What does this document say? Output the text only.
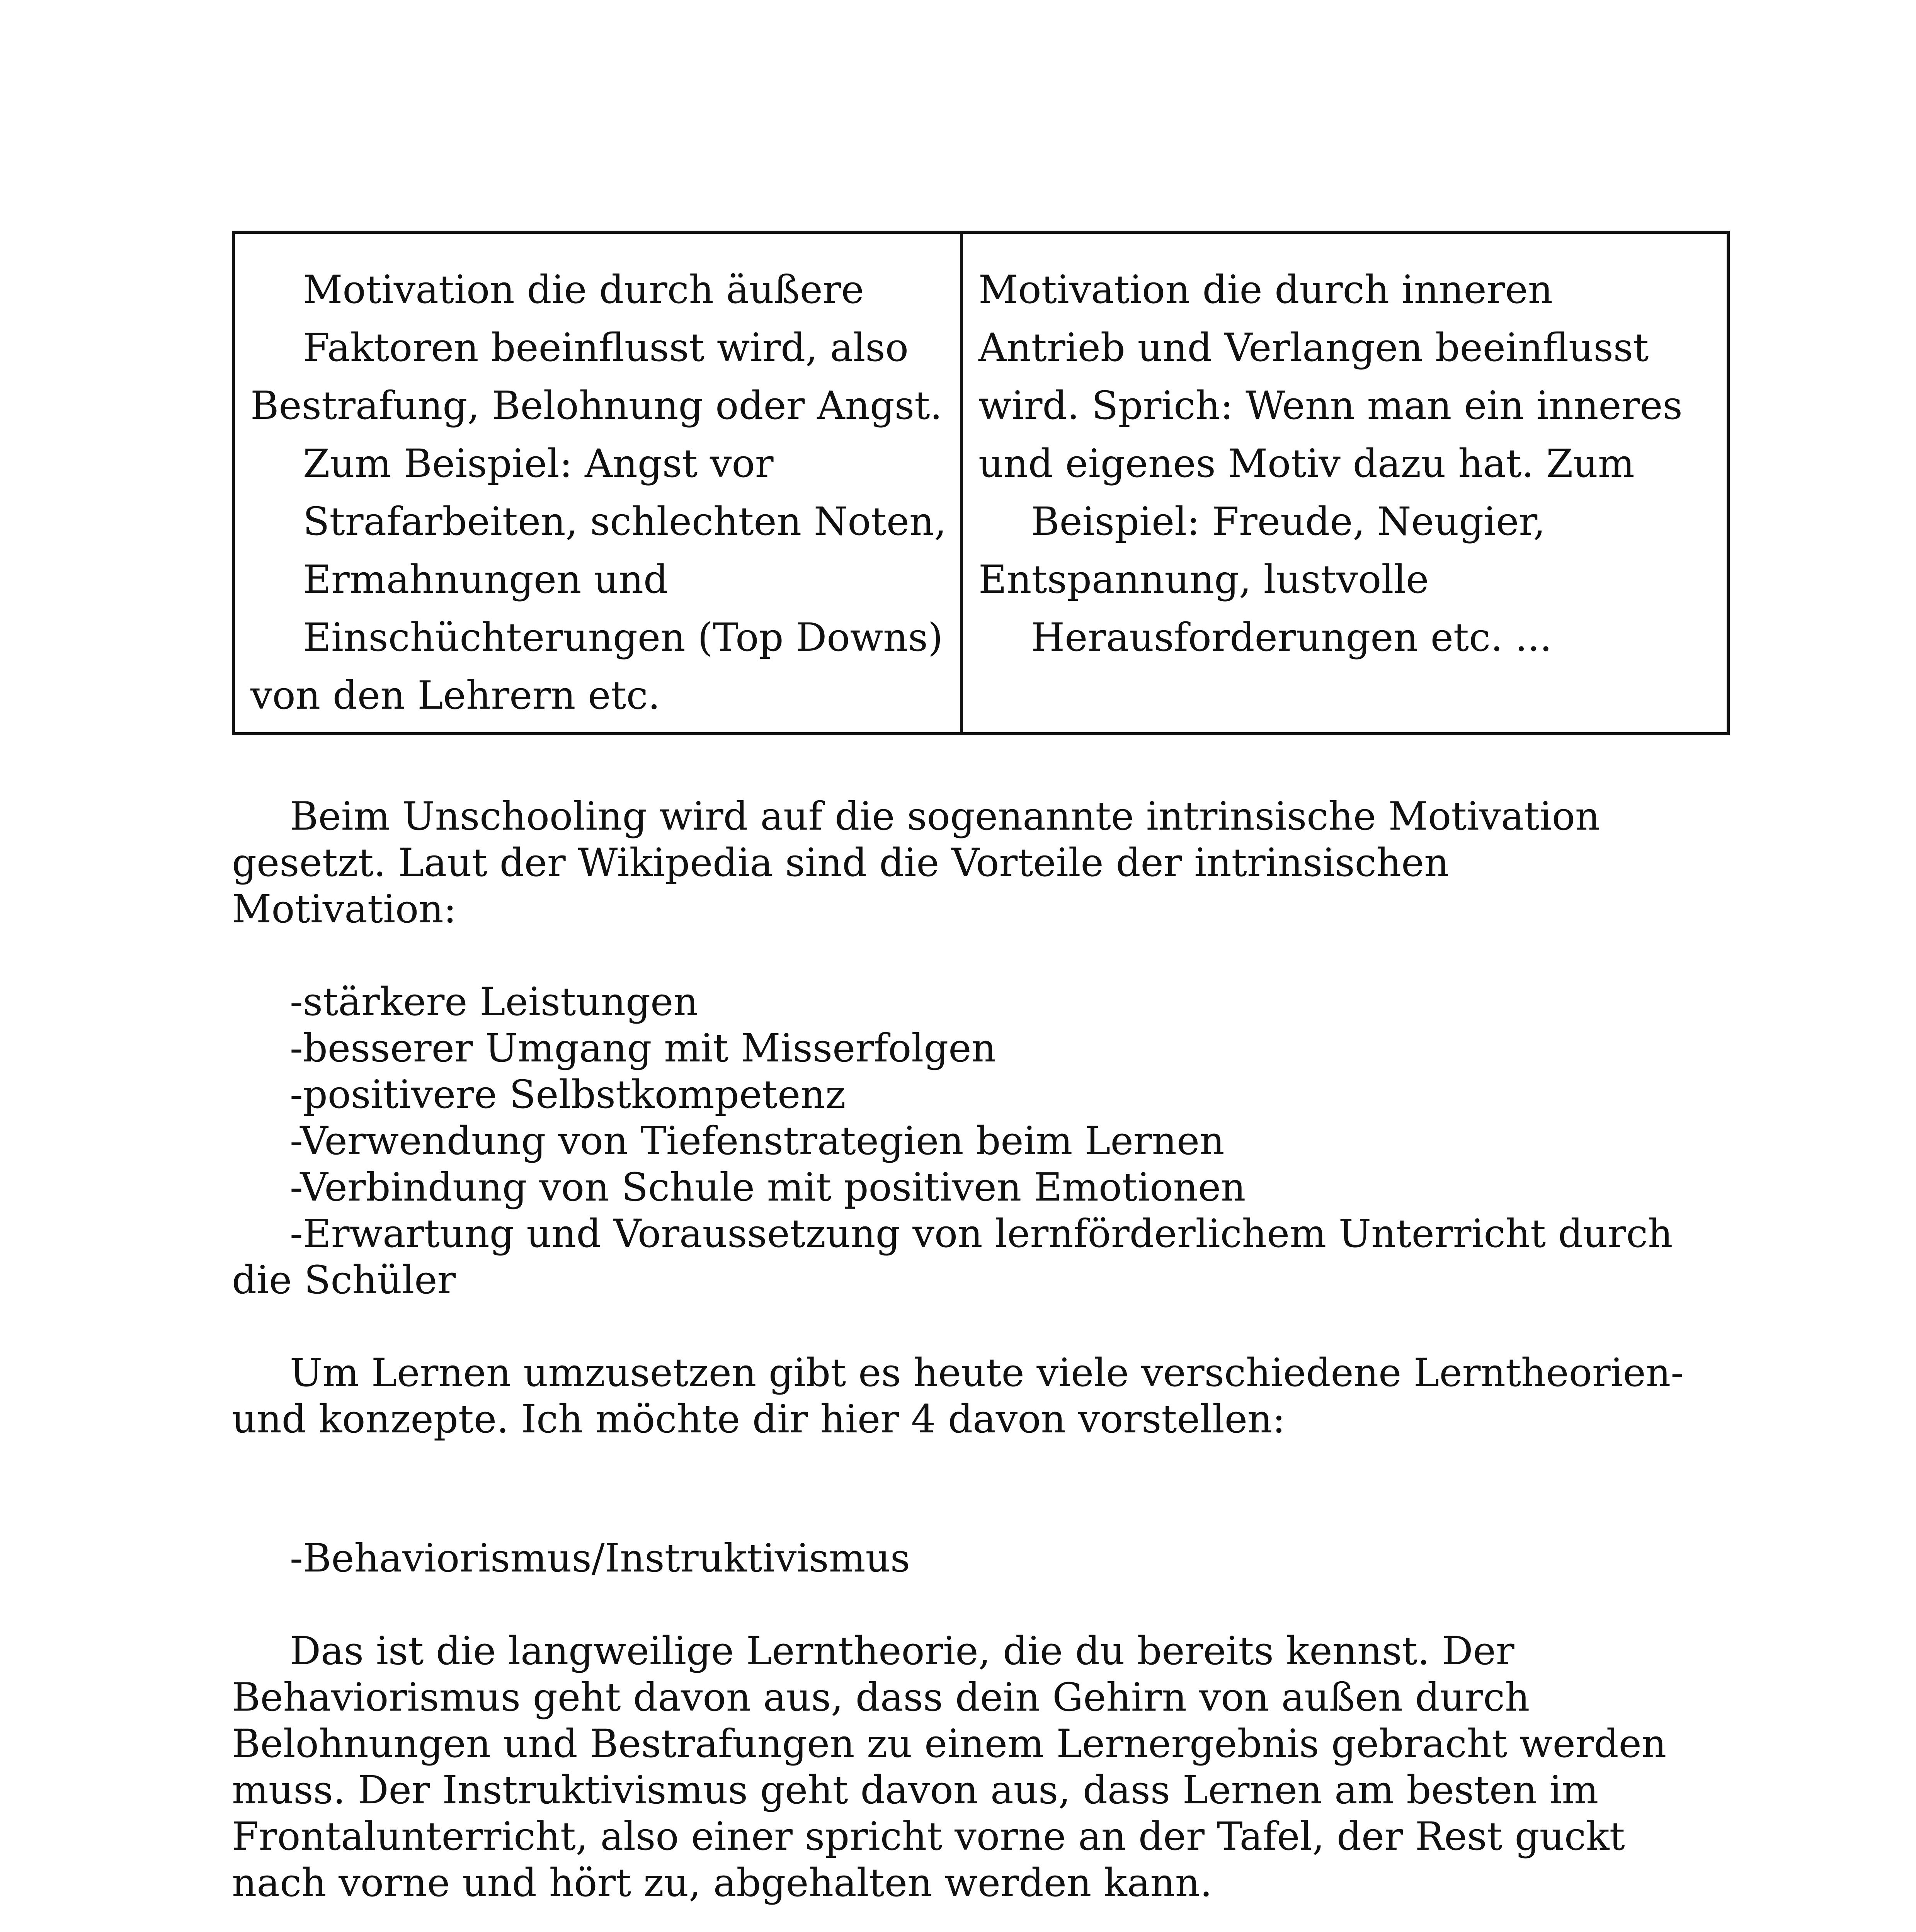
Motivation die durch äußere
Faktoren beeinflusst wird, also
Bestrafung, Belohnung oder Angst.
Zum Beispiel: Angst vor
Strafarbeiten, schlechten Noten,
Ermahnungen und
Einschüchterungen (Top Downs)
von den Lehrern etc.

Motivation die durch inneren
Antrieb und Verlangen beeinflusst
wird. Sprich: Wenn man ein inneres
und eigenes Motiv dazu hat. Zum
Beispiel: Freude, Neugier,
Entspannung, lustvolle
Herausforderungen etc. ...

Beim Unschooling wird auf die sogenannte intrinsische Motivation
gesetzt. Laut der Wikipedia sind die Vorteile der intrinsischen
Motivation:

-stärkere Leistungen
-besserer Umgang mit Misserfolgen
-positivere Selbstkompetenz
-Verwendung von Tiefenstrategien beim Lernen
-Verbindung von Schule mit positiven Emotionen
-Erwartung und Voraussetzung von lernförderlichem Unterricht durch
die Schüler

Um Lernen umzusetzen gibt es heute viele verschiedene Lerntheorien-
und konzepte. Ich möchte dir hier 4 davon vorstellen:

-Behaviorismus/Instruktivismus

Das ist die langweilige Lerntheorie, die du bereits kennst. Der
Behaviorismus geht davon aus, dass dein Gehirn von außen durch
Belohnungen und Bestrafungen zu einem Lernergebnis gebracht werden
muss. Der Instruktivismus geht davon aus, dass Lernen am besten im
Frontalunterricht, also einer spricht vorne an der Tafel, der Rest guckt
nach vorne und hört zu, abgehalten werden kann.
